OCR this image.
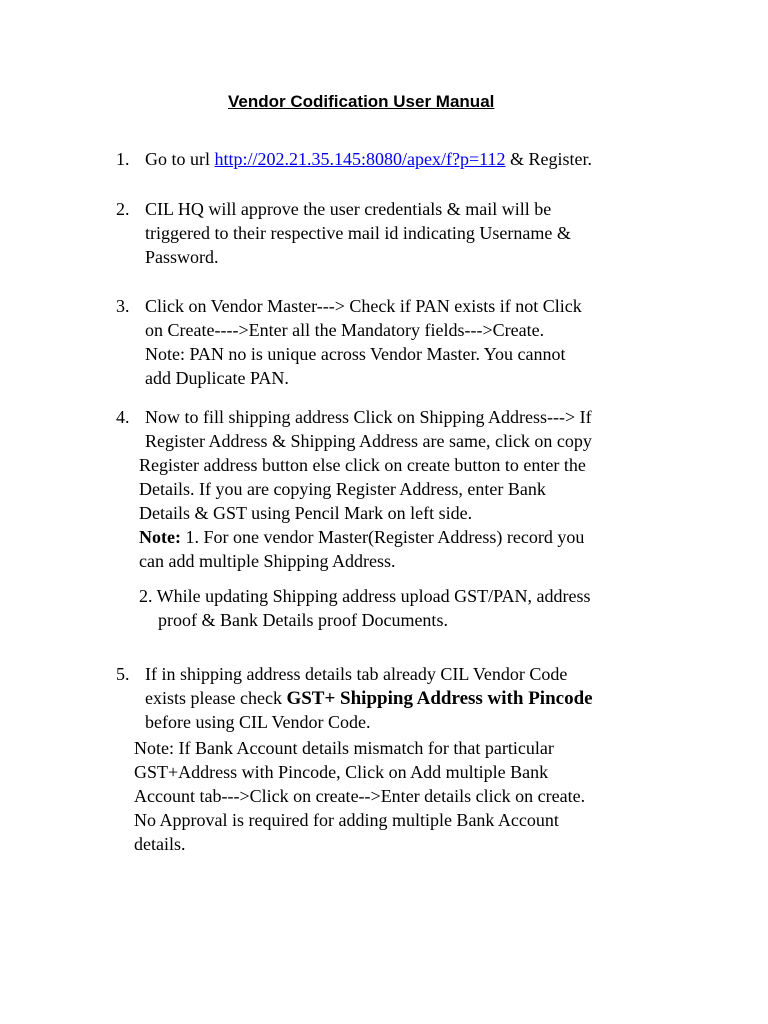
Vendor Codification User Manual
1. Go to url http://202.21.35.145:8080/apex/f?p=112 & Register.
2. CIL HQ will approve the user credentials & mail will be
triggered to their respective mail id indicating Username &
Password.
3. Click on Vendor Master---> Check if PAN exists if not Click
on Create---->Enter all the Mandatory fields--->Create.
Note: PAN no is unique across Vendor Master. You cannot
add Duplicate PAN.
4. Now to fill shipping address Click on Shipping Address---> If
Register Address & Shipping Address are same, click on copy
Register address button else click on create button to enter the
Details. If you are copying Register Address, enter Bank
Details & GST using Pencil Mark on left side.
Note: 1. For one vendor Master(Register Address) record you
can add multiple Shipping Address.
2. While updating Shipping address upload GST/PAN, address
proof & Bank Details proof Documents.
5. If in shipping address details tab already CIL Vendor Code
exists please check GST+ Shipping Address with Pincode
before using CIL Vendor Code.
Note: If Bank Account details mismatch for that particular
GST+Address with Pincode, Click on Add multiple Bank
Account tab--->Click on create-->Enter details click on create.
No Approval is required for adding multiple Bank Account
details.
